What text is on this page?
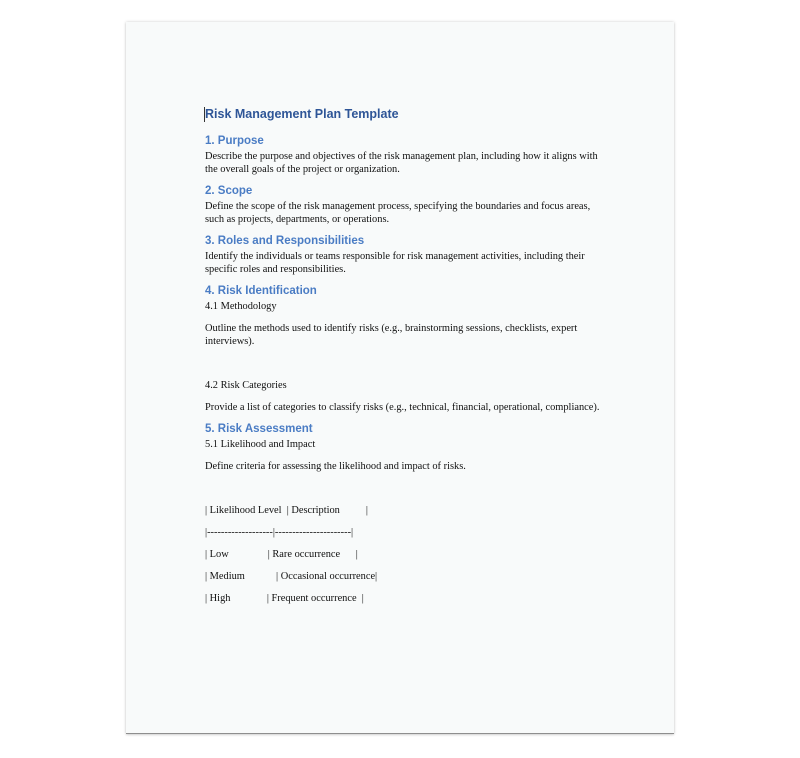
Risk Management Plan Template
1. Purpose
Describe the purpose and objectives of the risk management plan, including how it aligns with the overall goals of the project or organization.
2. Scope
Define the scope of the risk management process, specifying the boundaries and focus areas, such as projects, departments, or operations.
3. Roles and Responsibilities
Identify the individuals or teams responsible for risk management activities, including their specific roles and responsibilities.
4. Risk Identification
4.1 Methodology
Outline the methods used to identify risks (e.g., brainstorming sessions, checklists, expert interviews).
4.2 Risk Categories
Provide a list of categories to classify risks (e.g., technical, financial, operational, compliance).
5. Risk Assessment
5.1 Likelihood and Impact
Define criteria for assessing the likelihood and impact of risks.
| Likelihood Level  | Description          |
|-------------------|----------------------|
| Low               | Rare occurrence      |
| Medium            | Occasional occurrence|
| High              | Frequent occurrence  |
